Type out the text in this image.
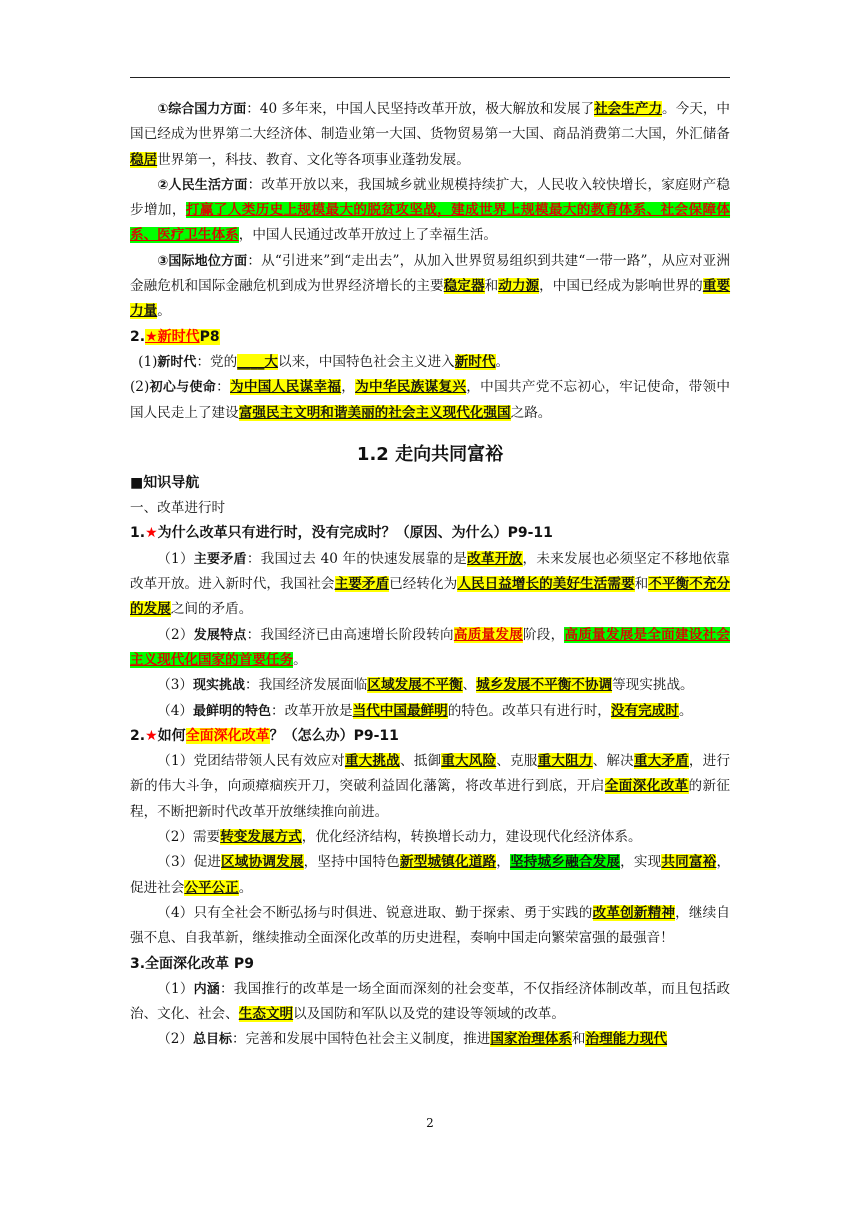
①综合国力方面：40 多年来，中国人民坚持改革开放，极大解放和发展了社会生产力。今天，中国已经成为世界第二大经济体、制造业第一大国、货物贸易第一大国、商品消费第二大国，外汇储备稳居世界第一，科技、教育、文化等各项事业蓬勃发展。

②人民生活方面：改革开放以来，我国城乡就业规模持续扩大，人民收入较快增长，家庭财产稳步增加，打赢了人类历史上规模最大的脱贫攻坚战，建成世界上规模最大的教育体系、社会保障体系、医疗卫生体系，中国人民通过改革开放过上了幸福生活。

③国际地位方面：从“引进来”到“走出去”，从加入世界贸易组织到共建“一带一路”，从应对亚洲金融危机和国际金融危机到成为世界经济增长的主要稳定器和动力源，中国已经成为影响世界的重要力量。

2.★新时代P8

(1)新时代：党的____大以来，中国特色社会主义进入新时代。

(2)初心与使命：为中国人民谋幸福，为中华民族谋复兴，中国共产党不忘初心，牢记使命，带领中国人民走上了建设富强民主文明和谐美丽的社会主义现代化强国之路。

1.2 走向共同富裕

■知识导航

一、改革进行时

1.★为什么改革只有进行时，没有完成时？（原因、为什么）P9-11

（1）主要矛盾：我国过去 40 年的快速发展靠的是改革开放，未来发展也必须坚定不移地依靠改革开放。进入新时代，我国社会主要矛盾已经转化为人民日益增长的美好生活需要和不平衡不充分的发展之间的矛盾。

（2）发展特点：我国经济已由高速增长阶段转向高质量发展阶段，高质量发展是全面建设社会主义现代化国家的首要任务。

（3）现实挑战：我国经济发展面临区域发展不平衡、城乡发展不平衡不协调等现实挑战。

（4）最鲜明的特色：改革开放是当代中国最鲜明的特色。改革只有进行时，没有完成时。

2.★如何全面深化改革？（怎么办）P9-11

（1）党团结带领人民有效应对重大挑战、抵御重大风险、克服重大阻力、解决重大矛盾，进行新的伟大斗争，向顽瘴痼疾开刀，突破利益固化藩篱，将改革进行到底，开启全面深化改革的新征程，不断把新时代改革开放继续推向前进。

（2）需要转变发展方式，优化经济结构，转换增长动力，建设现代化经济体系。

（3）促进区域协调发展，坚持中国特色新型城镇化道路，坚持城乡融合发展，实现共同富裕，促进社会公平公正。

（4）只有全社会不断弘扬与时俱进、锐意进取、勤于探索、勇于实践的改革创新精神，继续自强不息、自我革新，继续推动全面深化改革的历史进程，奏响中国走向繁荣富强的最强音！

3.全面深化改革 P9

（1）内涵：我国推行的改革是一场全面而深刻的社会变革，不仅指经济体制改革，而且包括政治、文化、社会、生态文明以及国防和军队以及党的建设等领域的改革。

（2）总目标：完善和发展中国特色社会主义制度，推进国家治理体系和治理能力现代

2
